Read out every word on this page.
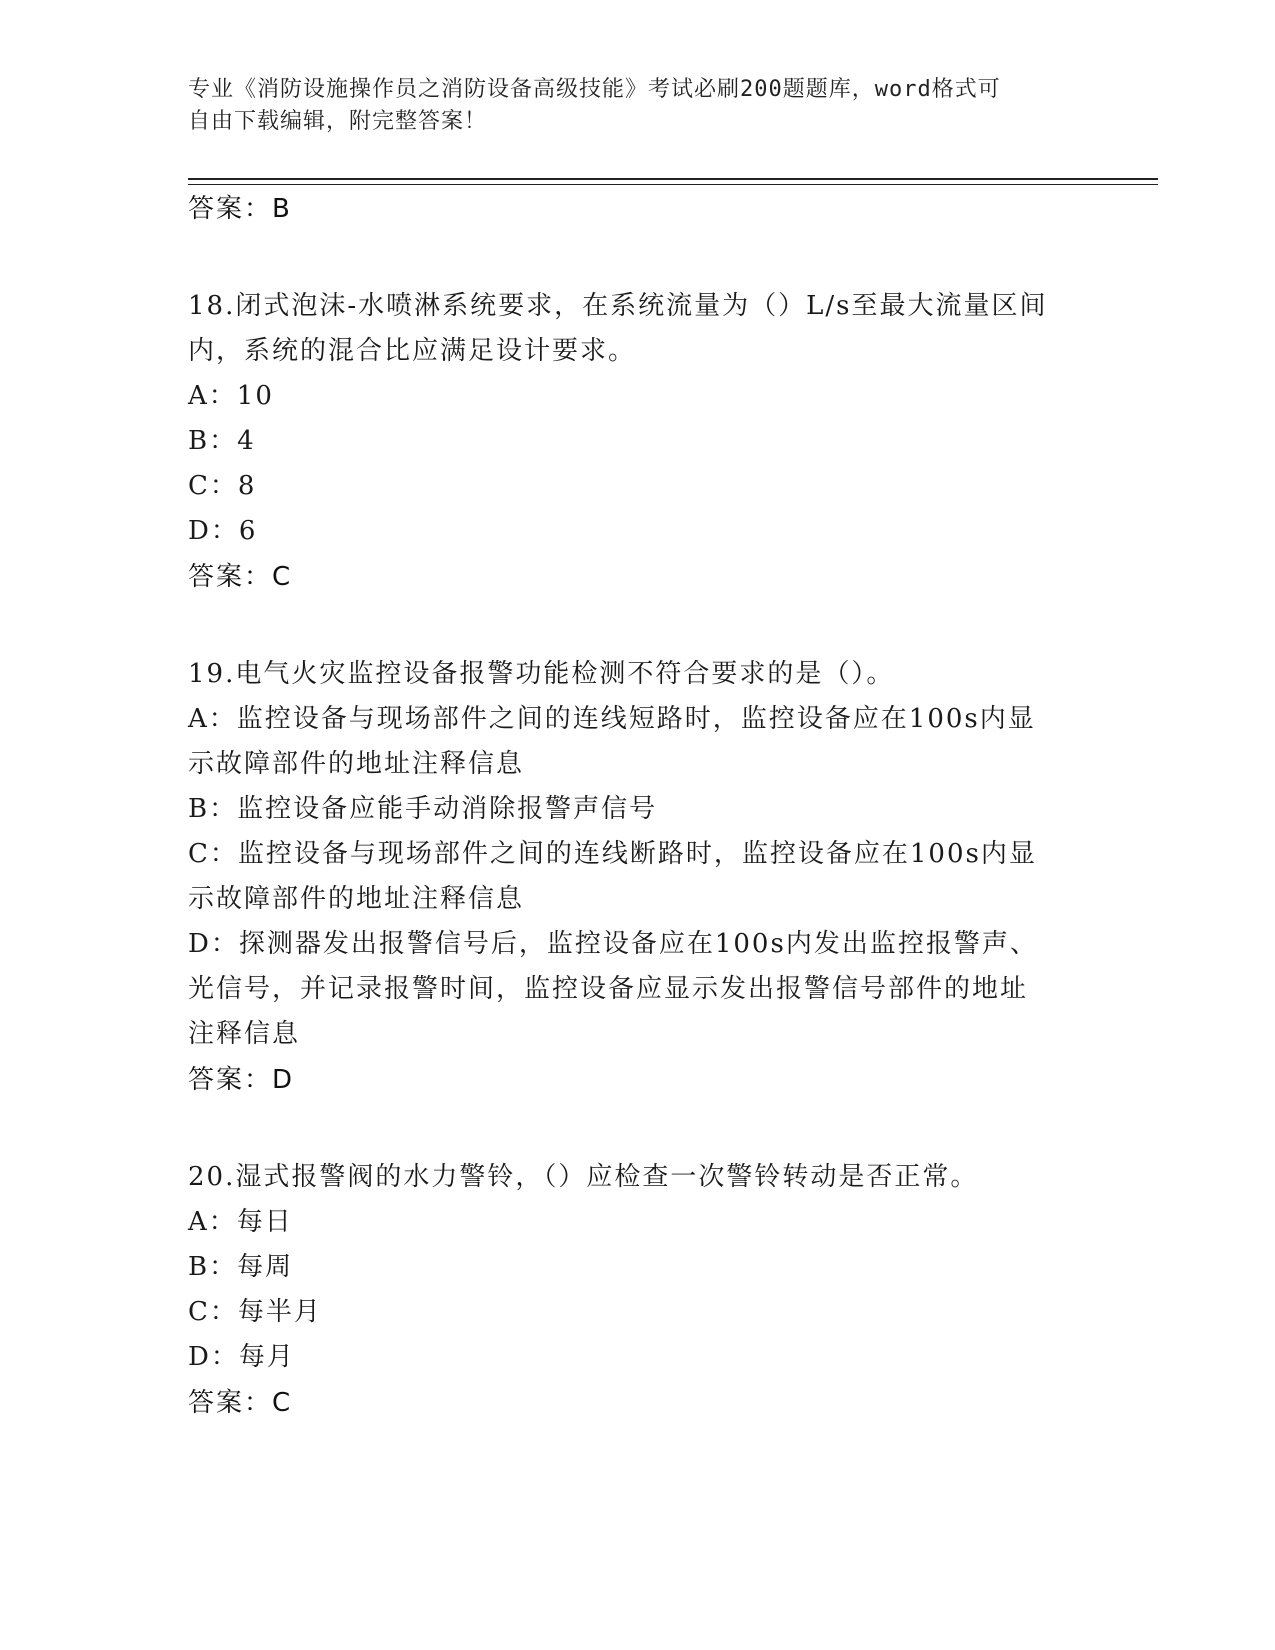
专业《消防设施操作员之消防设备高级技能》考试必刷200题题库，word格式可
自由下载编辑，附完整答案！
答案：B
18.闭式泡沫-水喷淋系统要求，在系统流量为（）L/s至最大流量区间
内，系统的混合比应满足设计要求。
A：10
B：4
C：8
D：6
答案：C
19.电气火灾监控设备报警功能检测不符合要求的是（）。
A：监控设备与现场部件之间的连线短路时，监控设备应在100s内显
示故障部件的地址注释信息
B：监控设备应能手动消除报警声信号
C：监控设备与现场部件之间的连线断路时，监控设备应在100s内显
示故障部件的地址注释信息
D：探测器发出报警信号后，监控设备应在100s内发出监控报警声、
光信号，并记录报警时间，监控设备应显示发出报警信号部件的地址
注释信息
答案：D
20.湿式报警阀的水力警铃，（）应检查一次警铃转动是否正常。
A：每日
B：每周
C：每半月
D：每月
答案：C
